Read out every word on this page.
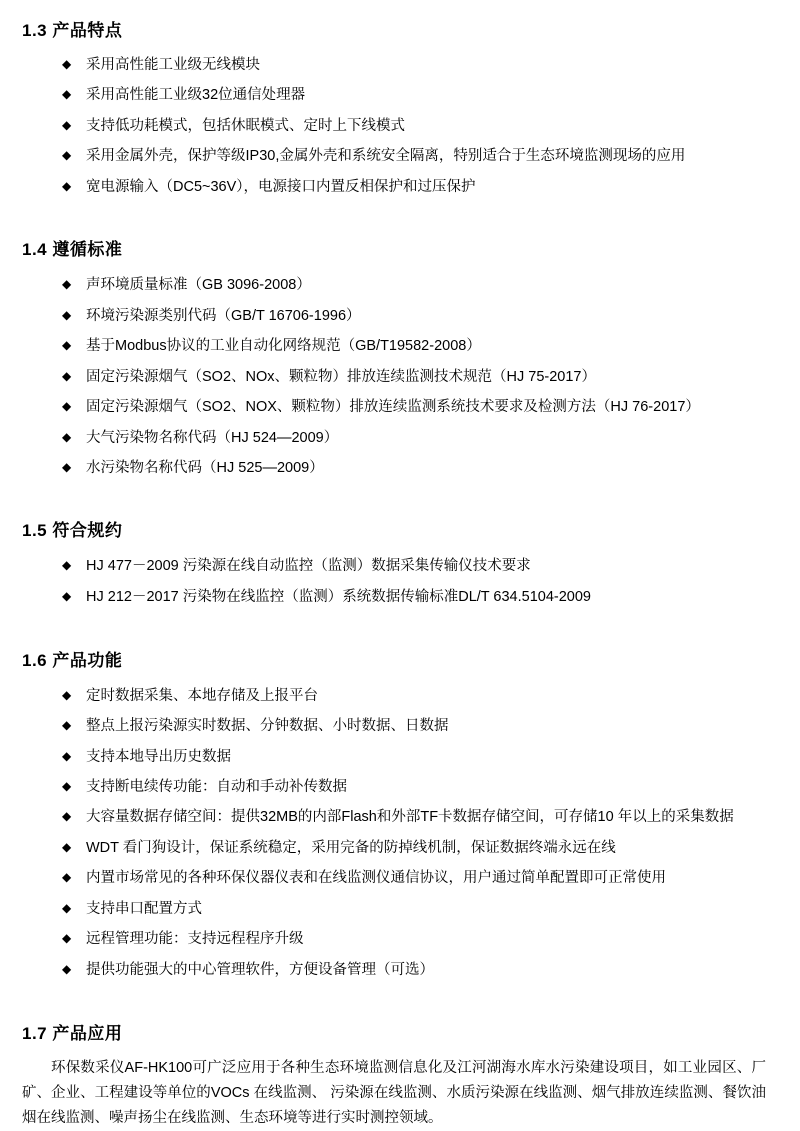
1.3 产品特点
◆	采用高性能工业级无线模块
◆	采用高性能工业级32位通信处理器
◆	支持低功耗模式，包括休眠模式、定时上下线模式
◆	采用金属外壳，保护等级IP30,金属外壳和系统安全隔离，特别适合于生态环境监测现场的应用
◆	宽电源输入（DC5~36V），电源接口内置反相保护和过压保护
1.4 遵循标准
◆	声环境质量标准（GB 3096-2008）
◆	环境污染源类别代码（GB/T 16706-1996）
◆	基于Modbus协议的工业自动化网络规范（GB/T19582-2008）
◆	固定污染源烟气（SO2、NOx、颗粒物）排放连续监测技术规范（HJ 75-2017）
◆	固定污染源烟气（SO2、NOX、颗粒物）排放连续监测系统技术要求及检测方法（HJ 76-2017）
◆	大气污染物名称代码（HJ 524—2009）
◆	水污染物名称代码（HJ 525—2009）
1.5 符合规约
◆	HJ 477－2009 污染源在线自动监控（监测）数据采集传输仪技术要求
◆	HJ 212－2017 污染物在线监控（监测）系统数据传输标准DL/T 634.5104-2009
1.6 产品功能
◆	定时数据采集、本地存储及上报平台
◆	整点上报污染源实时数据、分钟数据、小时数据、日数据
◆	支持本地导出历史数据
◆	支持断电续传功能：自动和手动补传数据
◆	大容量数据存储空间：提供32MB的内部Flash和外部TF卡数据存储空间，可存储10 年以上的采集数据
◆	WDT 看门狗设计，保证系统稳定，采用完备的防掉线机制，保证数据终端永远在线
◆	内置市场常见的各种环保仪器仪表和在线监测仪通信协议，用户通过简单配置即可正常使用
◆	支持串口配置方式
◆	远程管理功能：支持远程程序升级
◆	提供功能强大的中心管理软件，方便设备管理（可选）
1.7 产品应用

环保数采仪AF-HK100可广泛应用于各种生态环境监测信息化及江河湖海水库水污染建设项目，如工业园区、厂矿、企业、工程建设等单位的VOCs 在线监测、 污染源在线监测、水质污染源在线监测、烟气排放连续监测、餐饮油烟在线监测、噪声扬尘在线监测、生态环境等进行实时测控领域。
